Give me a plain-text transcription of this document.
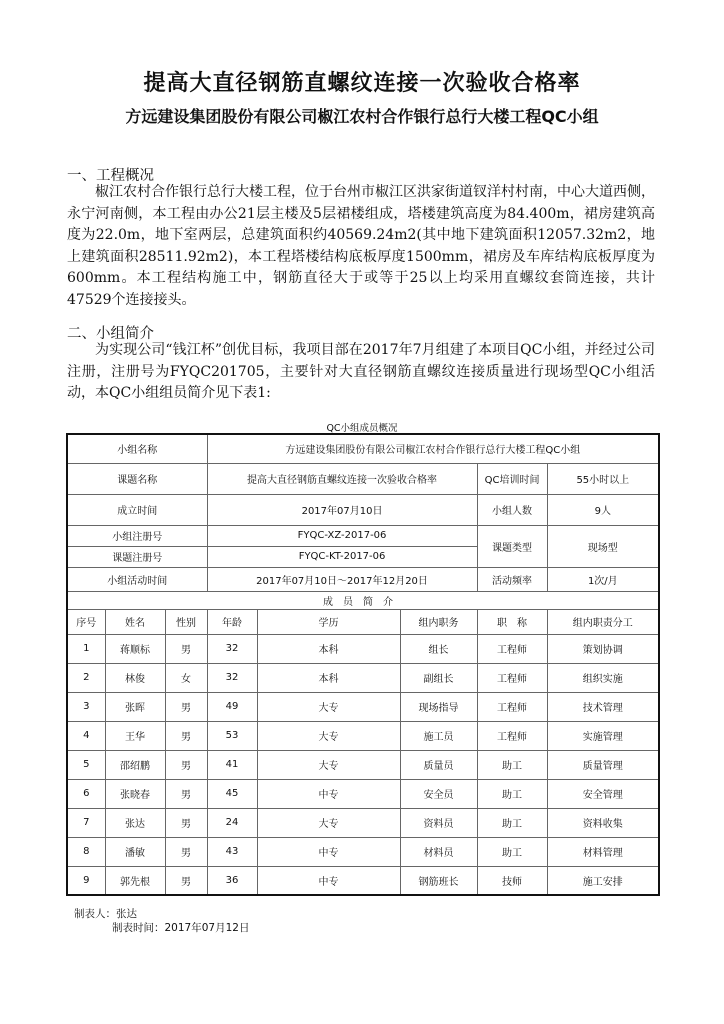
提高大直径钢筋直螺纹连接一次验收合格率
方远建设集团股份有限公司椒江农村合作银行总行大楼工程QC小组
一、工程概况

椒江农村合作银行总行大楼工程，位于台州市椒江区洪家街道钗洋村村南，中心大道西侧，永宁河南侧，本工程由办公21层主楼及5层裙楼组成，塔楼建筑高度为84.400m，裙房建筑高度为22.0m，地下室两层，总建筑面积约40569.24m2(其中地下建筑面积12057.32m2，地上建筑面积28511.92m2)，本工程塔楼结构底板厚度1500mm，裙房及车库结构底板厚度为600mm。本工程结构施工中，钢筋直径大于或等于25以上均采用直螺纹套筒连接，共计47529个连接接头。

二、小组简介

为实现公司“钱江杯”创优目标，我项目部在2017年7月组建了本项目QC小组，并经过公司注册，注册号为FYQC201705，主要针对大直径钢筋直螺纹连接质量进行现场型QC小组活动，本QC小组组员简介见下表1:

QC小组成员概况
小组名称			方远建设集团股份有限公司椒江农村合作银行总行大楼工程QC小组				
课题名称			提高大直径钢筋直螺纹连接一次验收合格率			QC培训时间	55小时以上
成立时间			2017年07月10日			小组人数	9人
小组注册号			FYQC-XZ-2017-06			课题类型	现场型
课题注册号			FYQC-KT-2017-06				
小组活动时间			2017年07月10日～2017年12月20日			活动频率	1次/月
成员简介							
序号	姓名	性别	年龄	学历	组内职务	职　称	组内职责分工
1	蒋顺标	男	32	本科	组长	工程师	策划协调
2	林俊	女	32	本科	副组长	工程师	组织实施
3	张晖	男	49	大专	现场指导	工程师	技术管理
4	王华	男	53	大专	施工员	工程师	实施管理
5	邵绍鹏	男	41	大专	质量员	助工	质量管理
6	张晓春	男	45	中专	安全员	助工	安全管理
7	张达	男	24	大专	资料员	助工	资料收集
8	潘敏	男	43	中专	材料员	助工	材料管理
9	郭先根	男	36	中专	钢筋班长	技师	施工安排
制表人：张达
制表时间：2017年07月12日
